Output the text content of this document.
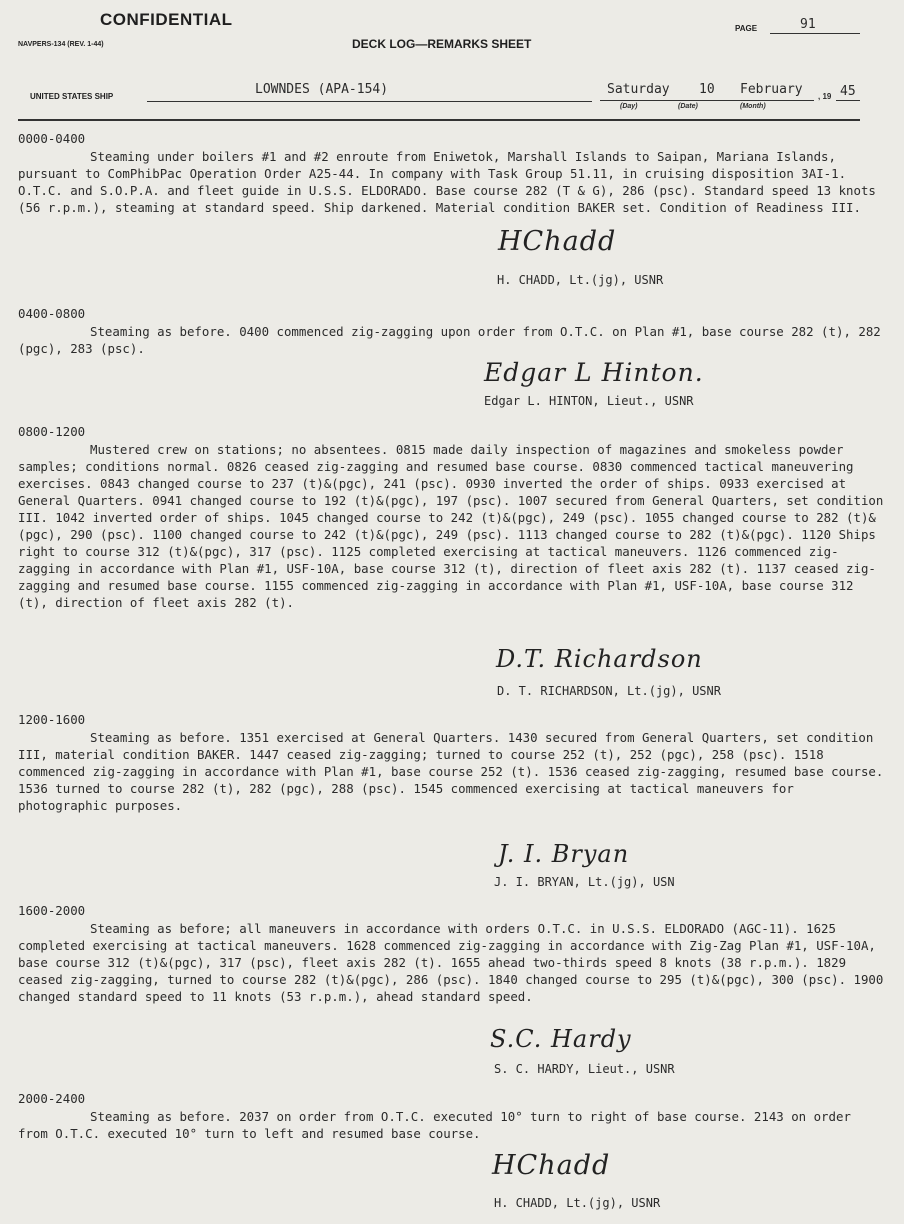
CONFIDENTIAL
NAVPERS-134 (REV. 1-44)	DECK LOG—REMARKS SHEET
PAGE	91
UNITED STATES SHIP	LOWNDES (APA-154)	Saturday 10 February
(Day)	(Date)	(Month)
, 19 45
0000-0400
Steaming under boilers #1 and #2 enroute from Eniwetok, Marshall Islands to Saipan, Mariana Islands, pursuant to ComPhibPac Operation Order A25-44. In company with Task Group 51.11, in cruising disposition 3AI-1. O.T.C. and S.O.P.A. and fleet guide in U.S.S. ELDORADO. Base course 282 (T & G), 286 (psc). Standard speed 13 knots (56 r.p.m.), steaming at standard speed. Ship darkened. Material condition BAKER set. Condition of Readiness III.
HChadd
H. CHADD, Lt.(jg), USNR
0400-0800
Steaming as before. 0400 commenced zig-zagging upon order from O.T.C. on Plan #1, base course 282 (t), 282 (pgc), 283 (psc).
Edgar L Hinton.
Edgar L. HINTON, Lieut., USNR
0800-1200
Mustered crew on stations; no absentees. 0815 made daily inspection of magazines and smokeless powder samples; conditions normal. 0826 ceased zig-zagging and resumed base course. 0830 commenced tactical maneuvering exercises. 0843 changed course to 237 (t)&(pgc), 241 (psc). 0930 inverted the order of ships. 0933 exercised at General Quarters. 0941 changed course to 192 (t)&(pgc), 197 (psc). 1007 secured from General Quarters, set condition III. 1042 inverted order of ships. 1045 changed course to 242 (t)&(pgc), 249 (psc). 1055 changed course to 282 (t)&(pgc), 290 (psc). 1100 changed course to 242 (t)&(pgc), 249 (psc). 1113 changed course to 282 (t)&(pgc). 1120 Ships right to course 312 (t)&(pgc), 317 (psc). 1125 completed exercising at tactical maneuvers. 1126 commenced zig-zagging in accordance with Plan #1, USF-10A, base course 312 (t), direction of fleet axis 282 (t). 1137 ceased zig-zagging and resumed base course. 1155 commenced zig-zagging in accordance with Plan #1, USF-10A, base course 312 (t), direction of fleet axis 282 (t).
D.T. Richardson
D. T. RICHARDSON, Lt.(jg), USNR
1200-1600
Steaming as before. 1351 exercised at General Quarters. 1430 secured from General Quarters, set condition III, material condition BAKER. 1447 ceased zig-zagging; turned to course 252 (t), 252 (pgc), 258 (psc). 1518 commenced zig-zagging in accordance with Plan #1, base course 252 (t). 1536 ceased zig-zagging, resumed base course. 1536 turned to course 282 (t), 282 (pgc), 288 (psc). 1545 commenced exercising at tactical maneuvers for photographic purposes.
J. I. Bryan
J. I. BRYAN, Lt.(jg), USN
1600-2000
Steaming as before; all maneuvers in accordance with orders O.T.C. in U.S.S. ELDORADO (AGC-11). 1625 completed exercising at tactical maneuvers. 1628 commenced zig-zagging in accordance with Zig-Zag Plan #1, USF-10A, base course 312 (t)&(pgc), 317 (psc), fleet axis 282 (t). 1655 ahead two-thirds speed 8 knots (38 r.p.m.). 1829 ceased zig-zagging, turned to course 282 (t)&(pgc), 286 (psc). 1840 changed course to 295 (t)&(pgc), 300 (psc). 1900 changed standard speed to 11 knots (53 r.p.m.), ahead standard speed.
S.C. Hardy
S. C. HARDY, Lieut., USNR
2000-2400
Steaming as before. 2037 on order from O.T.C. executed 10° turn to right of base course. 2143 on order from O.T.C. executed 10° turn to left and resumed base course.
HChadd
H. CHADD, Lt.(jg), USNR
